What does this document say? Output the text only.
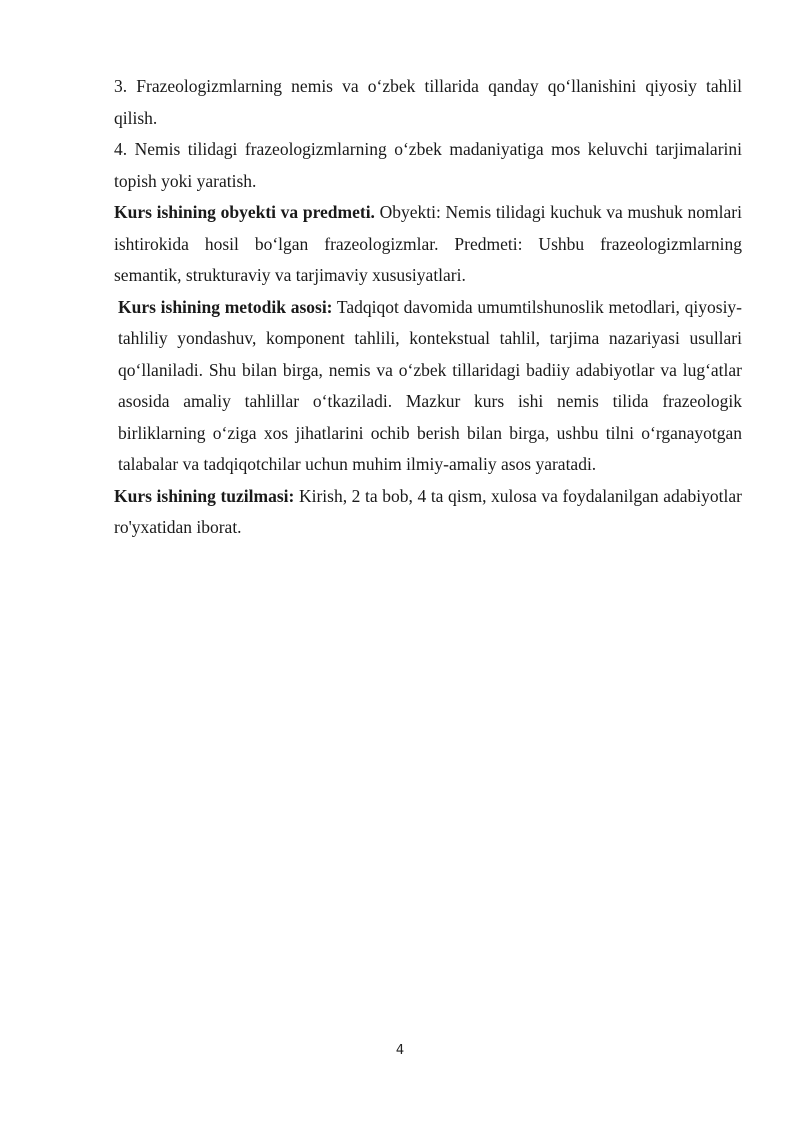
3. Frazeologizmlarning nemis va o‘zbek tillarida qanday qo‘llanishini qiyosiy tahlil qilish.

4. Nemis tilidagi frazeologizmlarning o‘zbek madaniyatiga mos keluvchi tarjimalarini topish yoki yaratish.

Kurs ishining obyekti va predmeti. Obyekti: Nemis tilidagi kuchuk va mushuk nomlari ishtirokida hosil bo‘lgan frazeologizmlar. Predmeti: Ushbu frazeologizmlarning semantik, strukturaviy va tarjimaviy xususiyatlari.

Kurs ishining metodik asosi: Tadqiqot davomida umumtilshunoslik metodlari, qiyosiy-tahliliy yondashuv, komponent tahlili, kontekstual tahlil, tarjima nazariyasi usullari qo‘llaniladi. Shu bilan birga, nemis va o‘zbek tillaridagi badiiy adabiyotlar va lug‘atlar asosida amaliy tahlillar o‘tkaziladi. Mazkur kurs ishi nemis tilida frazeologik birliklarning o‘ziga xos jihatlarini ochib berish bilan birga, ushbu tilni o‘rganayotgan talabalar va tadqiqotchilar uchun muhim ilmiy-amaliy asos yaratadi.

Kurs ishining tuzilmasi: Kirish, 2 ta bob, 4 ta qism, xulosa va foydalanilgan adabiyotlar ro'yxatidan iborat.

4
